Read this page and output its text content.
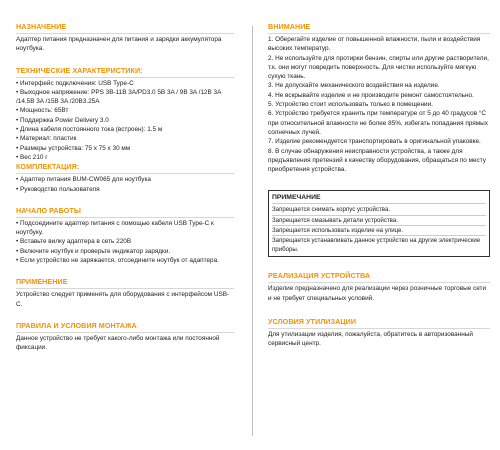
НАЗНАЧЕНИЕ

Адаптер питания предназначен для питания и зарядки аккумулятора ноутбука.

ТЕХНИЧЕСКИЕ ХАРАКТЕРИСТИКИ:
• Интерфейс подключения: USB Type-C
• Выходное напряжение: PPS 3B-11B 3A/PD3.0 5B 3A / 9B 3A /12B 3A /14.5B 3A /15B 3A /20B3.25A
• Мощность: 65Вт
• Поддержка Power Delivery 3.0
• Длина кабеля постоянного тока (встроен): 1.5 м
• Материал: пластик
• Размеры устройства: 75 x 75 x 30 мм
• Вес 210 г
КОМПЛЕКТАЦИЯ:
• Адаптер питания BUM-CW065 для ноутбука
• Руководство пользователя
НАЧАЛО РАБОТЫ
• Подсоедините адаптер питания с помощью кабеля USB Type-C к ноутбуку.
• Вставьте вилку адаптера в сеть 220В
• Включите ноутбук и проверьте индикатор зарядки.
• Если устройство не заряжается, отсоедините ноутбук от адаптера.
ПРИМЕНЕНИЕ

Устройство следует применять для оборудования с интерфейсом USB-C.

ПРАВИЛА И УСЛОВИЯ МОНТАЖА

Данное устройство не требует какого-либо монтажа или постоянной фиксации.

ВНИМАНИЕ
1. Оберегайте изделие от повышенной влажности, пыли и воздействия высоких температур.
2. Не используйте для протирки бензин, спирты или другие растворители, т.к. они могут повредить поверхность. Для чистки используйте мягкую сухую ткань.
3. Не допускайте механического воздействия на изделие.
4. Не вскрывайте изделие и не производите ремонт самостоятельно.
5. Устройство стоит использовать только в помещении.
6. Устройство требуется хранить при температуре от 5 до 40 градусов °С при относительной влажности не более 85%, избегать попадания прямых солнечных лучей.
7. Изделие рекомендуется транспортировать в оригинальной упаковке.
8. В случае обнаружения неисправности устройства, а также для предъявления претензий к качеству оборудования, обращаться по месту приобретения устройства.
ПРИМЕЧАНИЕ
Запрещается снимать корпус устройства.
Запрещается смазывать детали устройства.
Запрещается использовать изделие на улице.
Запрещается устанавливать данное устройство на другие электрические приборы.
РЕАЛИЗАЦИЯ УСТРОЙСТВА

Изделие предназначено для реализации через розничные торговые сети и не требует специальных условий.

УСЛОВИЯ УТИЛИЗАЦИИ

Для утилизации изделия, пожалуйста, обратитесь в авторизованный сервисный центр.
